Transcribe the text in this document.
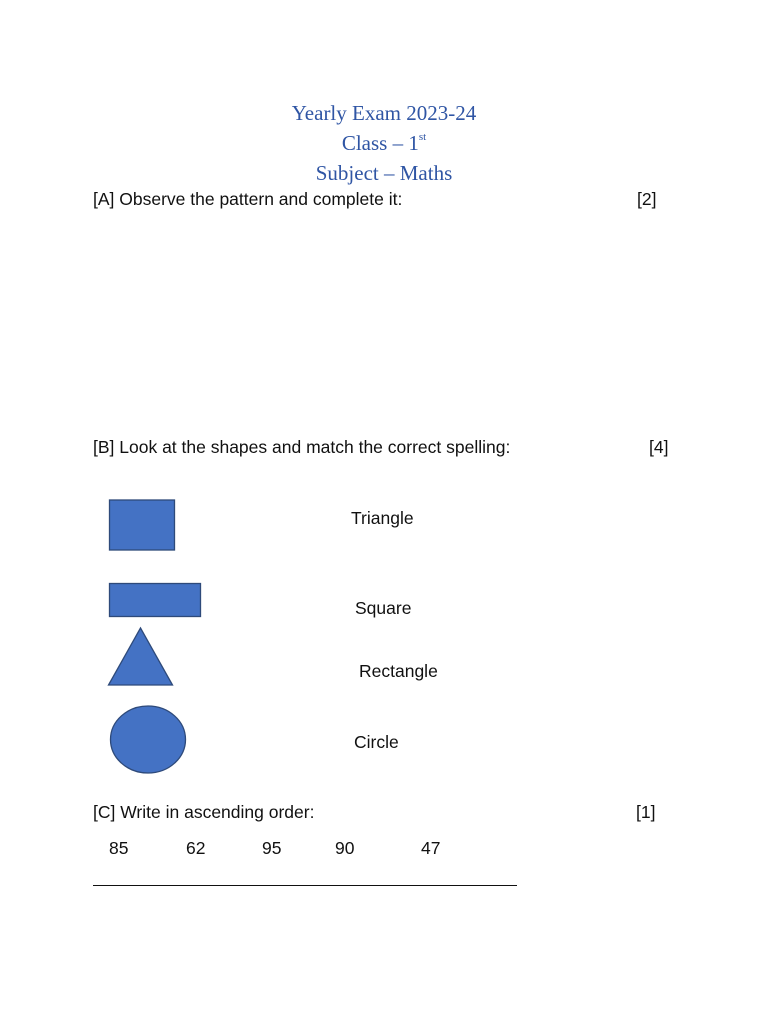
Yearly Exam 2023-24
Class – 1st
Subject – Maths
[A] Observe the pattern and complete it:	[2]
[B] Look at the shapes and match the correct spelling:	[4]
Triangle
Square
Rectangle
Circle
[C] Write in ascending order:	[1]
85	62	95	90	47
